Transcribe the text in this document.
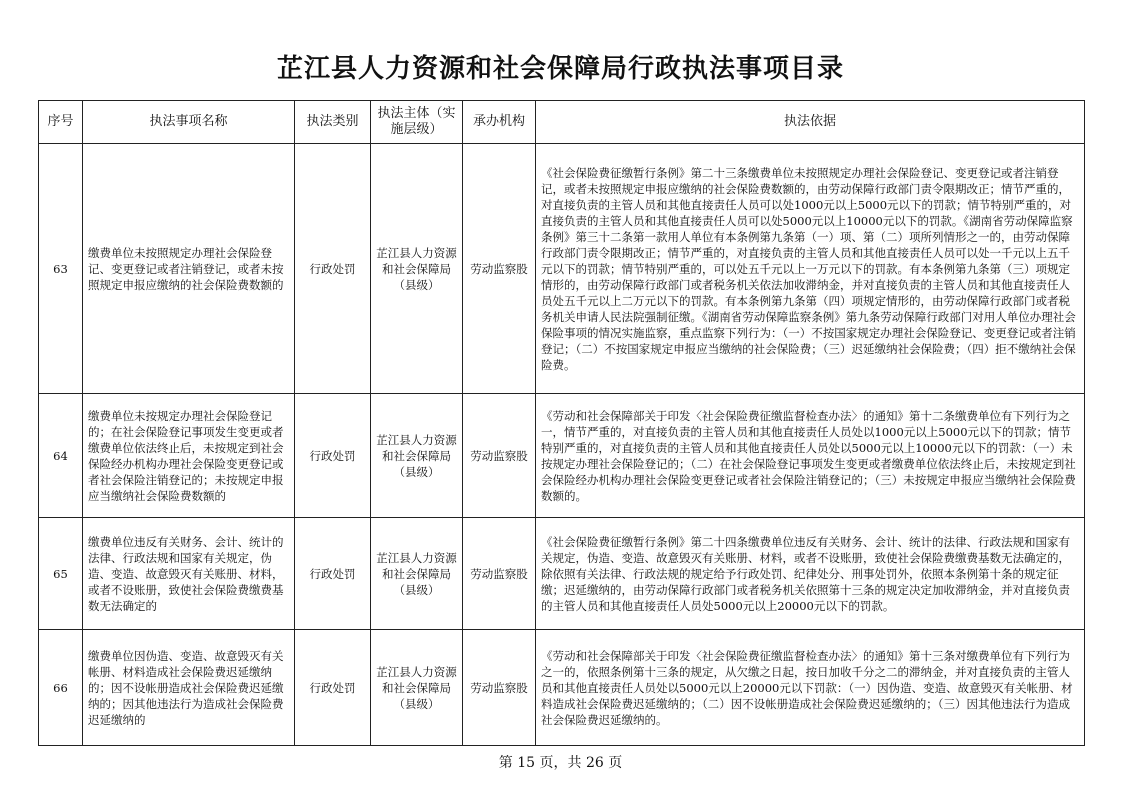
芷江县人力资源和社会保障局行政执法事项目录
序号	执法事项名称	执法类别	执法主体（实施层级）	承办机构	执法依据
63	缴费单位未按照规定办理社会保险登记、变更登记或者注销登记，或者未按照规定申报应缴纳的社会保险费数额的	行政处罚	芷江县人力资源和社会保障局（县级）	劳动监察股	《社会保险费征缴暂行条例》第二十三条缴费单位未按照规定办理社会保险登记、变更登记或者注销登记，或者未按照规定申报应缴纳的社会保险费数额的，由劳动保障行政部门责令限期改正；情节严重的，对直接负责的主管人员和其他直接责任人员可以处1000元以上5000元以下的罚款；情节特别严重的，对直接负责的主管人员和其他直接责任人员可以处5000元以上10000元以下的罚款。《湖南省劳动保障监察条例》第三十二条第一款用人单位有本条例第九条第（一）项、第（二）项所列情形之一的，由劳动保障行政部门责令限期改正；情节严重的，对直接负责的主管人员和其他直接责任人员可以处一千元以上五千元以下的罚款；情节特别严重的，可以处五千元以上一万元以下的罚款。有本条例第九条第（三）项规定情形的，由劳动保障行政部门或者税务机关依法加收滞纳金，并对直接负责的主管人员和其他直接责任人员处五千元以上二万元以下的罚款。有本条例第九条第（四）项规定情形的，由劳动保障行政部门或者税务机关申请人民法院强制征缴。《湖南省劳动保障监察条例》第九条劳动保障行政部门对用人单位办理社会保险事项的情况实施监察，重点监察下列行为：（一）不按国家规定办理社会保险登记、变更登记或者注销登记；（二）不按国家规定申报应当缴纳的社会保险费；（三）迟延缴纳社会保险费；（四）拒不缴纳社会保险费。
64	缴费单位未按规定办理社会保险登记的；在社会保险登记事项发生变更或者缴费单位依法终止后，未按规定到社会保险经办机构办理社会保险变更登记或者社会保险注销登记的；未按规定申报应当缴纳社会保险费数额的	行政处罚	芷江县人力资源和社会保障局（县级）	劳动监察股	《劳动和社会保障部关于印发〈社会保险费征缴监督检查办法〉的通知》第十二条缴费单位有下列行为之一，情节严重的，对直接负责的主管人员和其他直接责任人员处以1000元以上5000元以下的罚款；情节特别严重的，对直接负责的主管人员和其他直接责任人员处以5000元以上10000元以下的罚款：（一）未按规定办理社会保险登记的；（二）在社会保险登记事项发生变更或者缴费单位依法终止后，未按规定到社会保险经办机构办理社会保险变更登记或者社会保险注销登记的；（三）未按规定申报应当缴纳社会保险费数额的。
65	缴费单位违反有关财务、会计、统计的法律、行政法规和国家有关规定，伪造、变造、故意毁灭有关账册、材料，或者不设账册，致使社会保险费缴费基数无法确定的	行政处罚	芷江县人力资源和社会保障局（县级）	劳动监察股	《社会保险费征缴暂行条例》第二十四条缴费单位违反有关财务、会计、统计的法律、行政法规和国家有关规定，伪造、变造、故意毁灭有关账册、材料，或者不设账册，致使社会保险费缴费基数无法确定的，除依照有关法律、行政法规的规定给予行政处罚、纪律处分、刑事处罚外，依照本条例第十条的规定征缴；迟延缴纳的，由劳动保障行政部门或者税务机关依照第十三条的规定决定加收滞纳金，并对直接负责的主管人员和其他直接责任人员处5000元以上20000元以下的罚款。
66	缴费单位因伪造、变造、故意毁灭有关帐册、材料造成社会保险费迟延缴纳的；因不设帐册造成社会保险费迟延缴纳的；因其他违法行为造成社会保险费迟延缴纳的	行政处罚	芷江县人力资源和社会保障局（县级）	劳动监察股	《劳动和社会保障部关于印发〈社会保险费征缴监督检查办法〉的通知》第十三条对缴费单位有下列行为之一的，依照条例第十三条的规定，从欠缴之日起，按日加收千分之二的滞纳金，并对直接负责的主管人员和其他直接责任人员处以5000元以上20000元以下罚款：（一）因伪造、变造、故意毁灭有关帐册、材料造成社会保险费迟延缴纳的；（二）因不设帐册造成社会保险费迟延缴纳的；（三）因其他违法行为造成社会保险费迟延缴纳的。
第 15 页，共 26 页
